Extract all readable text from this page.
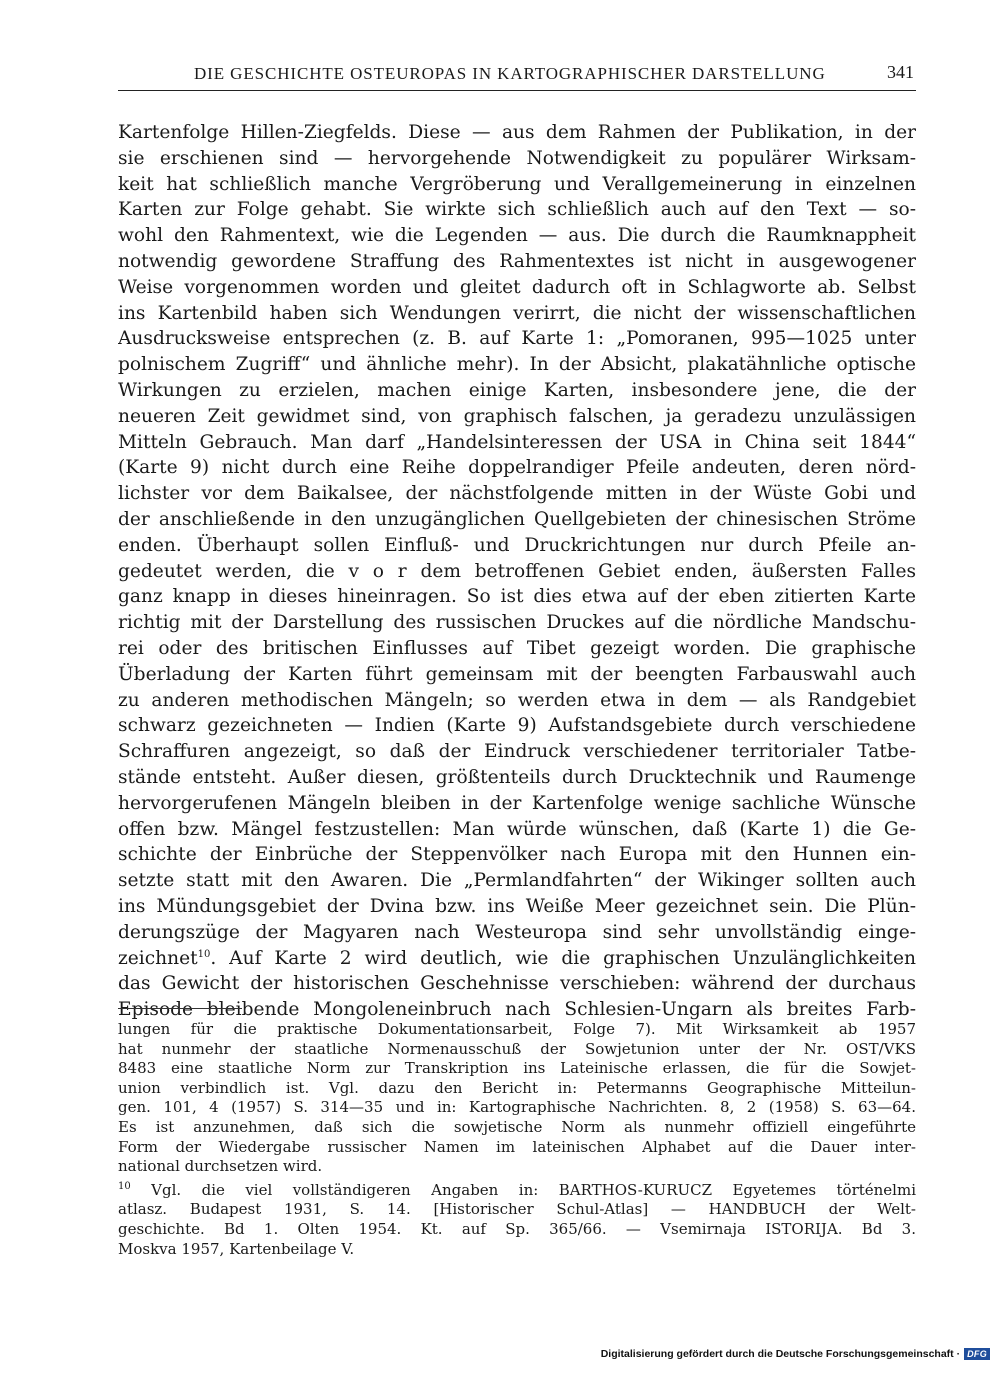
DIE GESCHICHTE OSTEUROPAS IN KARTOGRAPHISCHER DARSTELLUNG	341
Kartenfolge Hillen-Ziegfelds. Diese — aus dem Rahmen der Publikation, in der
sie erschienen sind — hervorgehende Notwendigkeit zu populärer Wirksam-
keit hat schließlich manche Vergröberung und Verallgemeinerung in einzelnen
Karten zur Folge gehabt. Sie wirkte sich schließlich auch auf den Text — so-
wohl den Rahmentext, wie die Legenden — aus. Die durch die Raumknappheit
notwendig gewordene Straffung des Rahmentextes ist nicht in ausgewogener
Weise vorgenommen worden und gleitet dadurch oft in Schlagworte ab. Selbst
ins Kartenbild haben sich Wendungen verirrt, die nicht der wissenschaftlichen
Ausdrucksweise entsprechen (z. B. auf Karte 1: „Pomoranen, 995—1025 unter
polnischem Zugriff“ und ähnliche mehr). In der Absicht, plakatähnliche optische
Wirkungen zu erzielen, machen einige Karten, insbesondere jene, die der
neueren Zeit gewidmet sind, von graphisch falschen, ja geradezu unzulässigen
Mitteln Gebrauch. Man darf „Handelsinteressen der USA in China seit 1844“
(Karte 9) nicht durch eine Reihe doppelrandiger Pfeile andeuten, deren nörd-
lichster vor dem Baikalsee, der nächstfolgende mitten in der Wüste Gobi und
der anschließende in den unzugänglichen Quellgebieten der chinesischen Ströme
enden. Überhaupt sollen Einfluß- und Druckrichtungen nur durch Pfeile an-
gedeutet werden, die v o r dem betroffenen Gebiet enden, äußersten Falles
ganz knapp in dieses hineinragen. So ist dies etwa auf der eben zitierten Karte
richtig mit der Darstellung des russischen Druckes auf die nördliche Mandschu-
rei oder des britischen Einflusses auf Tibet gezeigt worden. Die graphische
Überladung der Karten führt gemeinsam mit der beengten Farbauswahl auch
zu anderen methodischen Mängeln; so werden etwa in dem — als Randgebiet
schwarz gezeichneten — Indien (Karte 9) Aufstandsgebiete durch verschiedene
Schraffuren angezeigt, so daß der Eindruck verschiedener territorialer Tatbe-
stände entsteht. Außer diesen, größtenteils durch Drucktechnik und Raumenge
hervorgerufenen Mängeln bleiben in der Kartenfolge wenige sachliche Wünsche
offen bzw. Mängel festzustellen: Man würde wünschen, daß (Karte 1) die Ge-
schichte der Einbrüche der Steppenvölker nach Europa mit den Hunnen ein-
setzte statt mit den Awaren. Die „Permlandfahrten“ der Wikinger sollten auch
ins Mündungsgebiet der Dvina bzw. ins Weiße Meer gezeichnet sein. Die Plün-
derungszüge der Magyaren nach Westeuropa sind sehr unvollständig einge-
zeichnet$^{10}$. Auf Karte 2 wird deutlich, wie die graphischen Unzulänglichkeiten
das Gewicht der historischen Geschehnisse verschieben: während der durchaus
Episode bleibende Mongoleneinbruch nach Schlesien-Ungarn als breites Farb-
lungen für die praktische Dokumentationsarbeit, Folge 7). Mit Wirksamkeit ab 1957
hat nunmehr der staatliche Normenausschuß der Sowjetunion unter der Nr. OST/VKS
8483 eine staatliche Norm zur Transkription ins Lateinische erlassen, die für die Sowjet-
union verbindlich ist. Vgl. dazu den Bericht in: Petermanns Geographische Mitteilun-
gen. 101, 4 (1957) S. 314—35 und in: Kartographische Nachrichten. 8, 2 (1958) S. 63—64.
Es ist anzunehmen, daß sich die sowjetische Norm als nunmehr offiziell eingeführte
Form der Wiedergabe russischer Namen im lateinischen Alphabet auf die Dauer inter-
national durchsetzen wird.
$^{10}$ Vgl. die viel vollständigeren Angaben in: BARTHOS-KURUCZ Egyetemes történelmi
atlasz. Budapest 1931, S. 14. [Historischer Schul-Atlas] — HANDBUCH der Welt-
geschichte. Bd 1. Olten 1954. Kt. auf Sp. 365/66. — Vsemirnaja ISTORIJA. Bd 3.
Moskva 1957, Kartenbeilage V.
Digitalisierung gefördert durch die Deutsche Forschungsgemeinschaft · DFG
